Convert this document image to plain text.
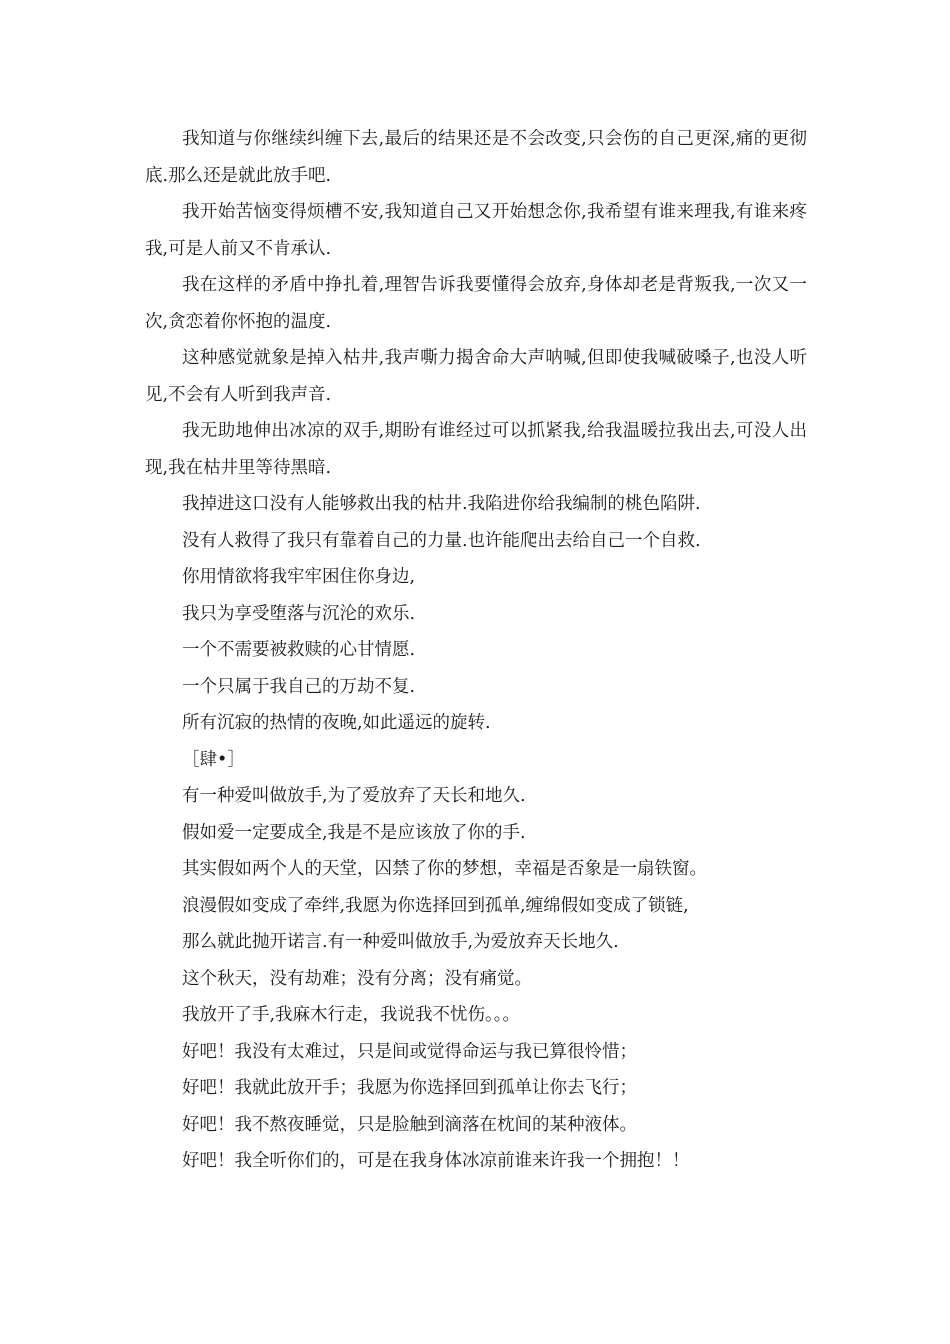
我知道与你继续纠缠下去,最后的结果还是不会改变,只会伤的自己更深,痛的更彻底.那么还是就此放手吧.

我开始苦恼变得烦槽不安,我知道自己又开始想念你,我希望有谁来理我,有谁来疼我,可是人前又不肯承认.

我在这样的矛盾中挣扎着,理智告诉我要懂得会放弃,身体却老是背叛我,一次又一次,贪恋着你怀抱的温度.

这种感觉就象是掉入枯井,我声嘶力揭舍命大声呐喊,但即使我喊破嗓子,也没人听见,不会有人听到我声音.

我无助地伸出冰凉的双手,期盼有谁经过可以抓紧我,给我温暖拉我出去,可没人出现,我在枯井里等待黑暗.

我掉进这口没有人能够救出我的枯井.我陷进你给我编制的桃色陷阱.

没有人救得了我只有靠着自己的力量.也许能爬出去给自己一个自救.

你用情欲将我牢牢困住你身边,

我只为享受堕落与沉沦的欢乐.

一个不需要被救赎的心甘情愿.

一个只属于我自己的万劫不复.

所有沉寂的热情的夜晚,如此遥远的旋转.

［肆•］

有一种爱叫做放手,为了爱放弃了天长和地久.

假如爱一定要成全,我是不是应该放了你的手.

其实假如两个人的天堂，囚禁了你的梦想，幸福是否象是一扇铁窗。

浪漫假如变成了牵绊,我愿为你选择回到孤单,缠绵假如变成了锁链,

那么就此抛开诺言.有一种爱叫做放手,为爱放弃天长地久.

这个秋天，没有劫难；没有分离；没有痛觉。

我放开了手,我麻木行走，我说我不忧伤。。。

好吧！我没有太难过，只是间或觉得命运与我已算很怜惜；

好吧！我就此放开手；我愿为你选择回到孤单让你去飞行；

好吧！我不熬夜睡觉，只是脸触到滴落在枕间的某种液体。

好吧！我全听你们的，可是在我身体冰凉前谁来许我一个拥抱！！
